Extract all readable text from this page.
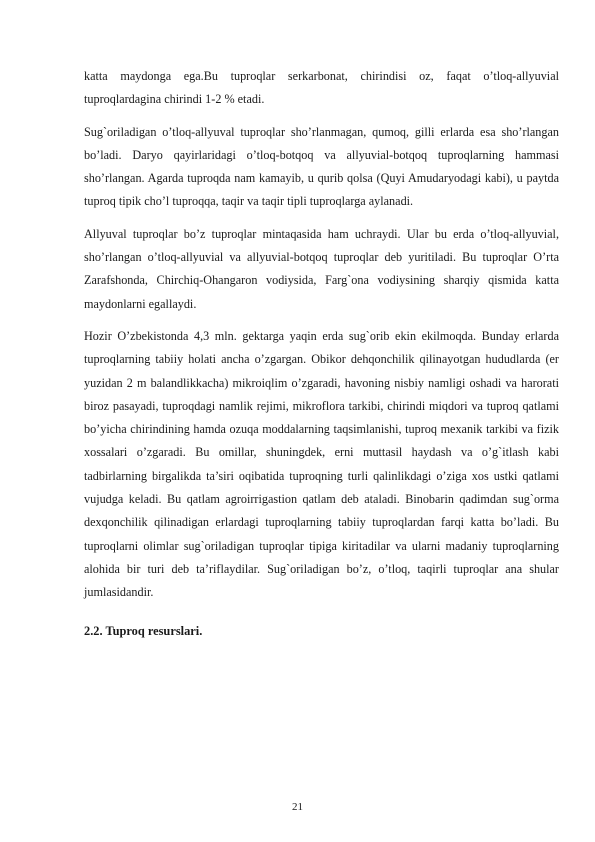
katta maydonga ega.Bu tuproqlar serkarbonat, chirindisi oz, faqat o’tloq-allyuvial tuproqlardagina chirindi 1-2 % etadi.

Sug`oriladigan o’tloq-allyuval tuproqlar sho’rlanmagan, qumoq, gilli erlarda esa sho’rlangan bo’ladi. Daryo qayirlaridagi o’tloq-botqoq va allyuvial-botqoq tuproqlarning hammasi sho’rlangan. Agarda tuproqda nam kamayib, u qurib qolsa (Quyi Amudaryodagi kabi), u paytda tuproq tipik cho’l tuproqqa, taqir va taqir tipli tuproqlarga aylanadi.

Allyuval tuproqlar bo’z tuproqlar mintaqasida ham uchraydi. Ular bu erda o’tloq-allyuvial, sho’rlangan o’tloq-allyuvial va allyuvial-botqoq tuproqlar deb yuritiladi. Bu tuproqlar O’rta Zarafshonda, Chirchiq-Ohangaron vodiysida, Farg`ona vodiysining sharqiy qismida katta maydonlarni egallaydi.

Hozir O’zbekistonda 4,3 mln. gektarga yaqin erda sug`orib ekin ekilmoqda. Bunday erlarda tuproqlarning tabiiy holati ancha o’zgargan. Obikor dehqonchilik qilinayotgan hududlarda (er yuzidan 2 m balandlikkacha) mikroiqlim o’zgaradi, havoning nisbiy namligi oshadi va harorati biroz pasayadi, tuproqdagi namlik rejimi, mikroflora tarkibi, chirindi miqdori va tuproq qatlami bo’yicha chirindining hamda ozuqa moddalarning taqsimlanishi, tuproq mexanik tarkibi va fizik xossalari o’zgaradi. Bu omillar, shuningdek, erni muttasil haydash va o’g`itlash kabi tadbirlarning birgalikda ta’siri oqibatida tuproqning turli qalinlikdagi o’ziga xos ustki qatlami vujudga keladi. Bu qatlam agroirrigastion qatlam deb ataladi. Binobarin qadimdan sug`orma dexqonchilik qilinadigan erlardagi tuproqlarning tabiiy tuproqlardan farqi katta bo’ladi. Bu tuproqlarni olimlar sug`oriladigan tuproqlar tipiga kiritadilar va ularni madaniy tuproqlarning alohida bir turi deb ta’riflaydilar. Sug`oriladigan bo’z, o’tloq, taqirli tuproqlar ana shular jumlasidandir.

2.2. Tuproq resurslari.

21
